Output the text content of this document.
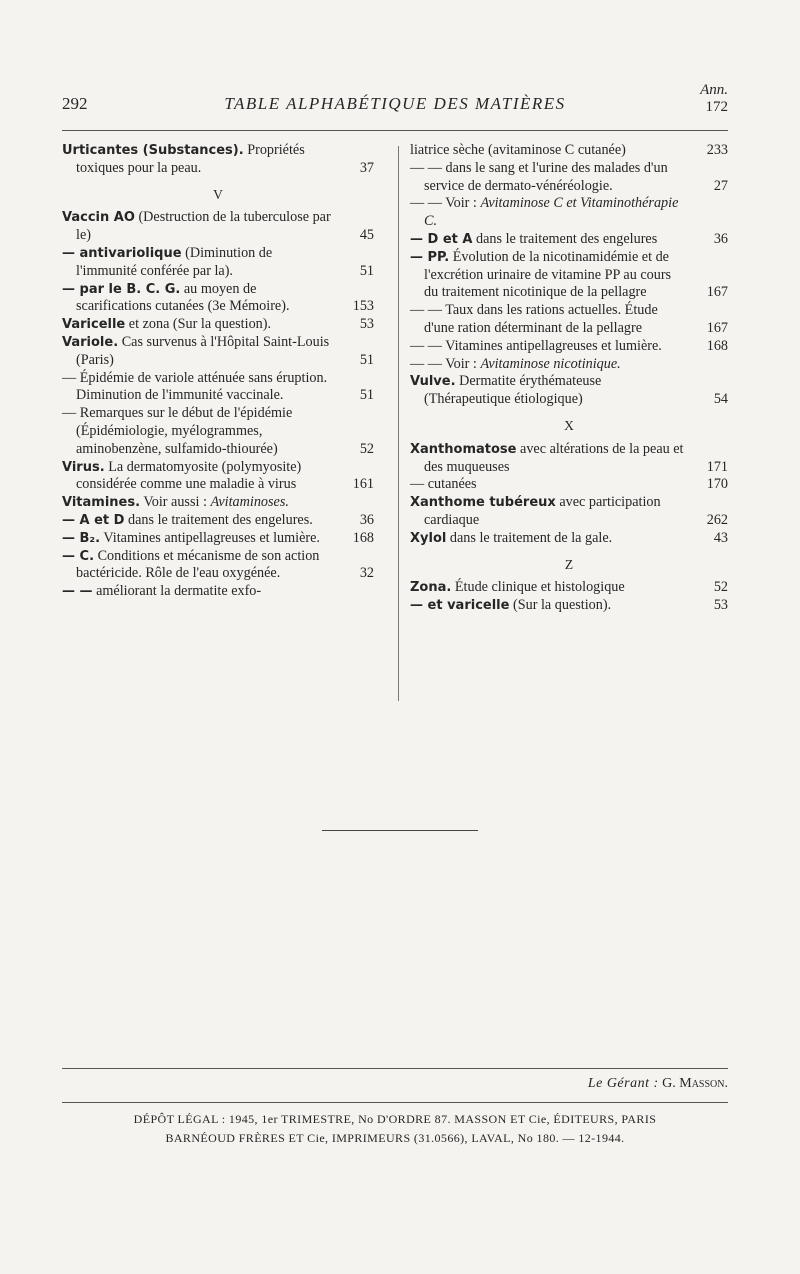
292	TABLE ALPHABÉTIQUE DES MATIÈRES
Ann.
172
Urticantes (Substances). Propriétés toxiques pour la peau.	37
V
Vaccin AO (Destruction de la tuberculose par le)	45
— antivariolique (Diminution de l'immunité conférée par la).	51
— par le B. C. G. au moyen de scarifications cutanées (3e Mémoire).	153
Varicelle et zona (Sur la question).	53
Variole. Cas survenus à l'Hôpital Saint-Louis (Paris)	51
— Épidémie de variole atténuée sans éruption. Diminution de l'immunité vaccinale.	51
— Remarques sur le début de l'épidémie (Épidémiologie, myélogrammes, aminobenzène, sulfamido-thiourée)	52
Virus. La dermatomyosite (polymyosite) considérée comme une maladie à virus	161
Vitamines. Voir aussi : Avitaminoses.
— A et D dans le traitement des engelures.	36
— B₂. Vitamines antipellagreuses et lumière.	168
— C. Conditions et mécanisme de son action bactéricide. Rôle de l'eau oxygénée.	32
— — améliorant la dermatite exfo-
liatrice sèche (avitaminose C cutanée)	233
— — dans le sang et l'urine des malades d'un service de dermato-vénéréologie.	27
— — Voir : Avitaminose C et Vitaminothérapie C.
— D et A dans le traitement des engelures	36
— PP. Évolution de la nicotinamidémie et de l'excrétion urinaire de vitamine PP au cours du traitement nicotinique de la pellagre	167
— — Taux dans les rations actuelles. Étude d'une ration déterminant de la pellagre	167
— — Vitamines antipellagreuses et lumière.	168
— — Voir : Avitaminose nicotinique.
Vulve. Dermatite érythémateuse (Thérapeutique étiologique)	54
X
Xanthomatose avec altérations de la peau et des muqueuses	171
— cutanées	170
Xanthome tubéreux avec participation cardiaque	262
Xylol dans le traitement de la gale.	43
Z
Zona. Étude clinique et histologique	52
— et varicelle (Sur la question).	53
Le Gérant : G. Masson.
DÉPÔT LÉGAL : 1945, 1er TRIMESTRE, No D'ORDRE 87. MASSON ET Cie, ÉDITEURS, PARIS
BARNÉOUD FRÈRES ET Cie, IMPRIMEURS (31.0566), LAVAL, No 180. — 12-1944.
